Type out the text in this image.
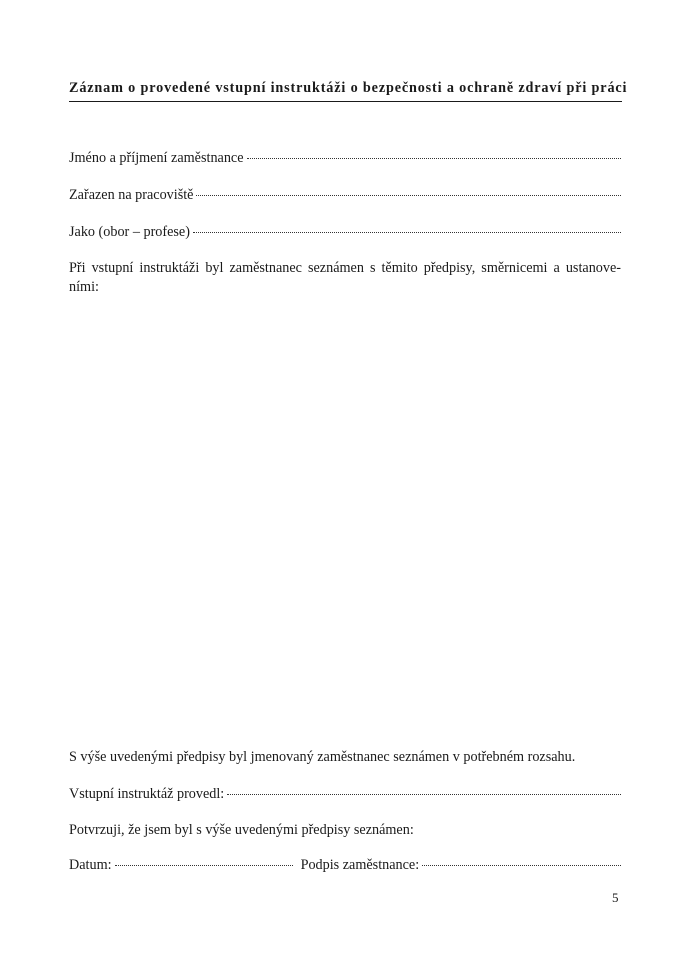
Záznam o provedené vstupní instruktáži o bezpečnosti a ochraně zdraví při práci
Jméno a příjmení zaměstnance
Zařazen na pracoviště
Jako (obor – profese)
Při vstupní instruktáži byl zaměstnanec seznámen s těmito předpisy, směrnicemi a ustanove-ními:
S výše uvedenými předpisy byl jmenovaný zaměstnanec seznámen v potřebném rozsahu.
Vstupní instruktáž provedl:
Potvrzuji, že jsem byl s výše uvedenými předpisy seznámen:
Datum:	Podpis zaměstnance:
5
